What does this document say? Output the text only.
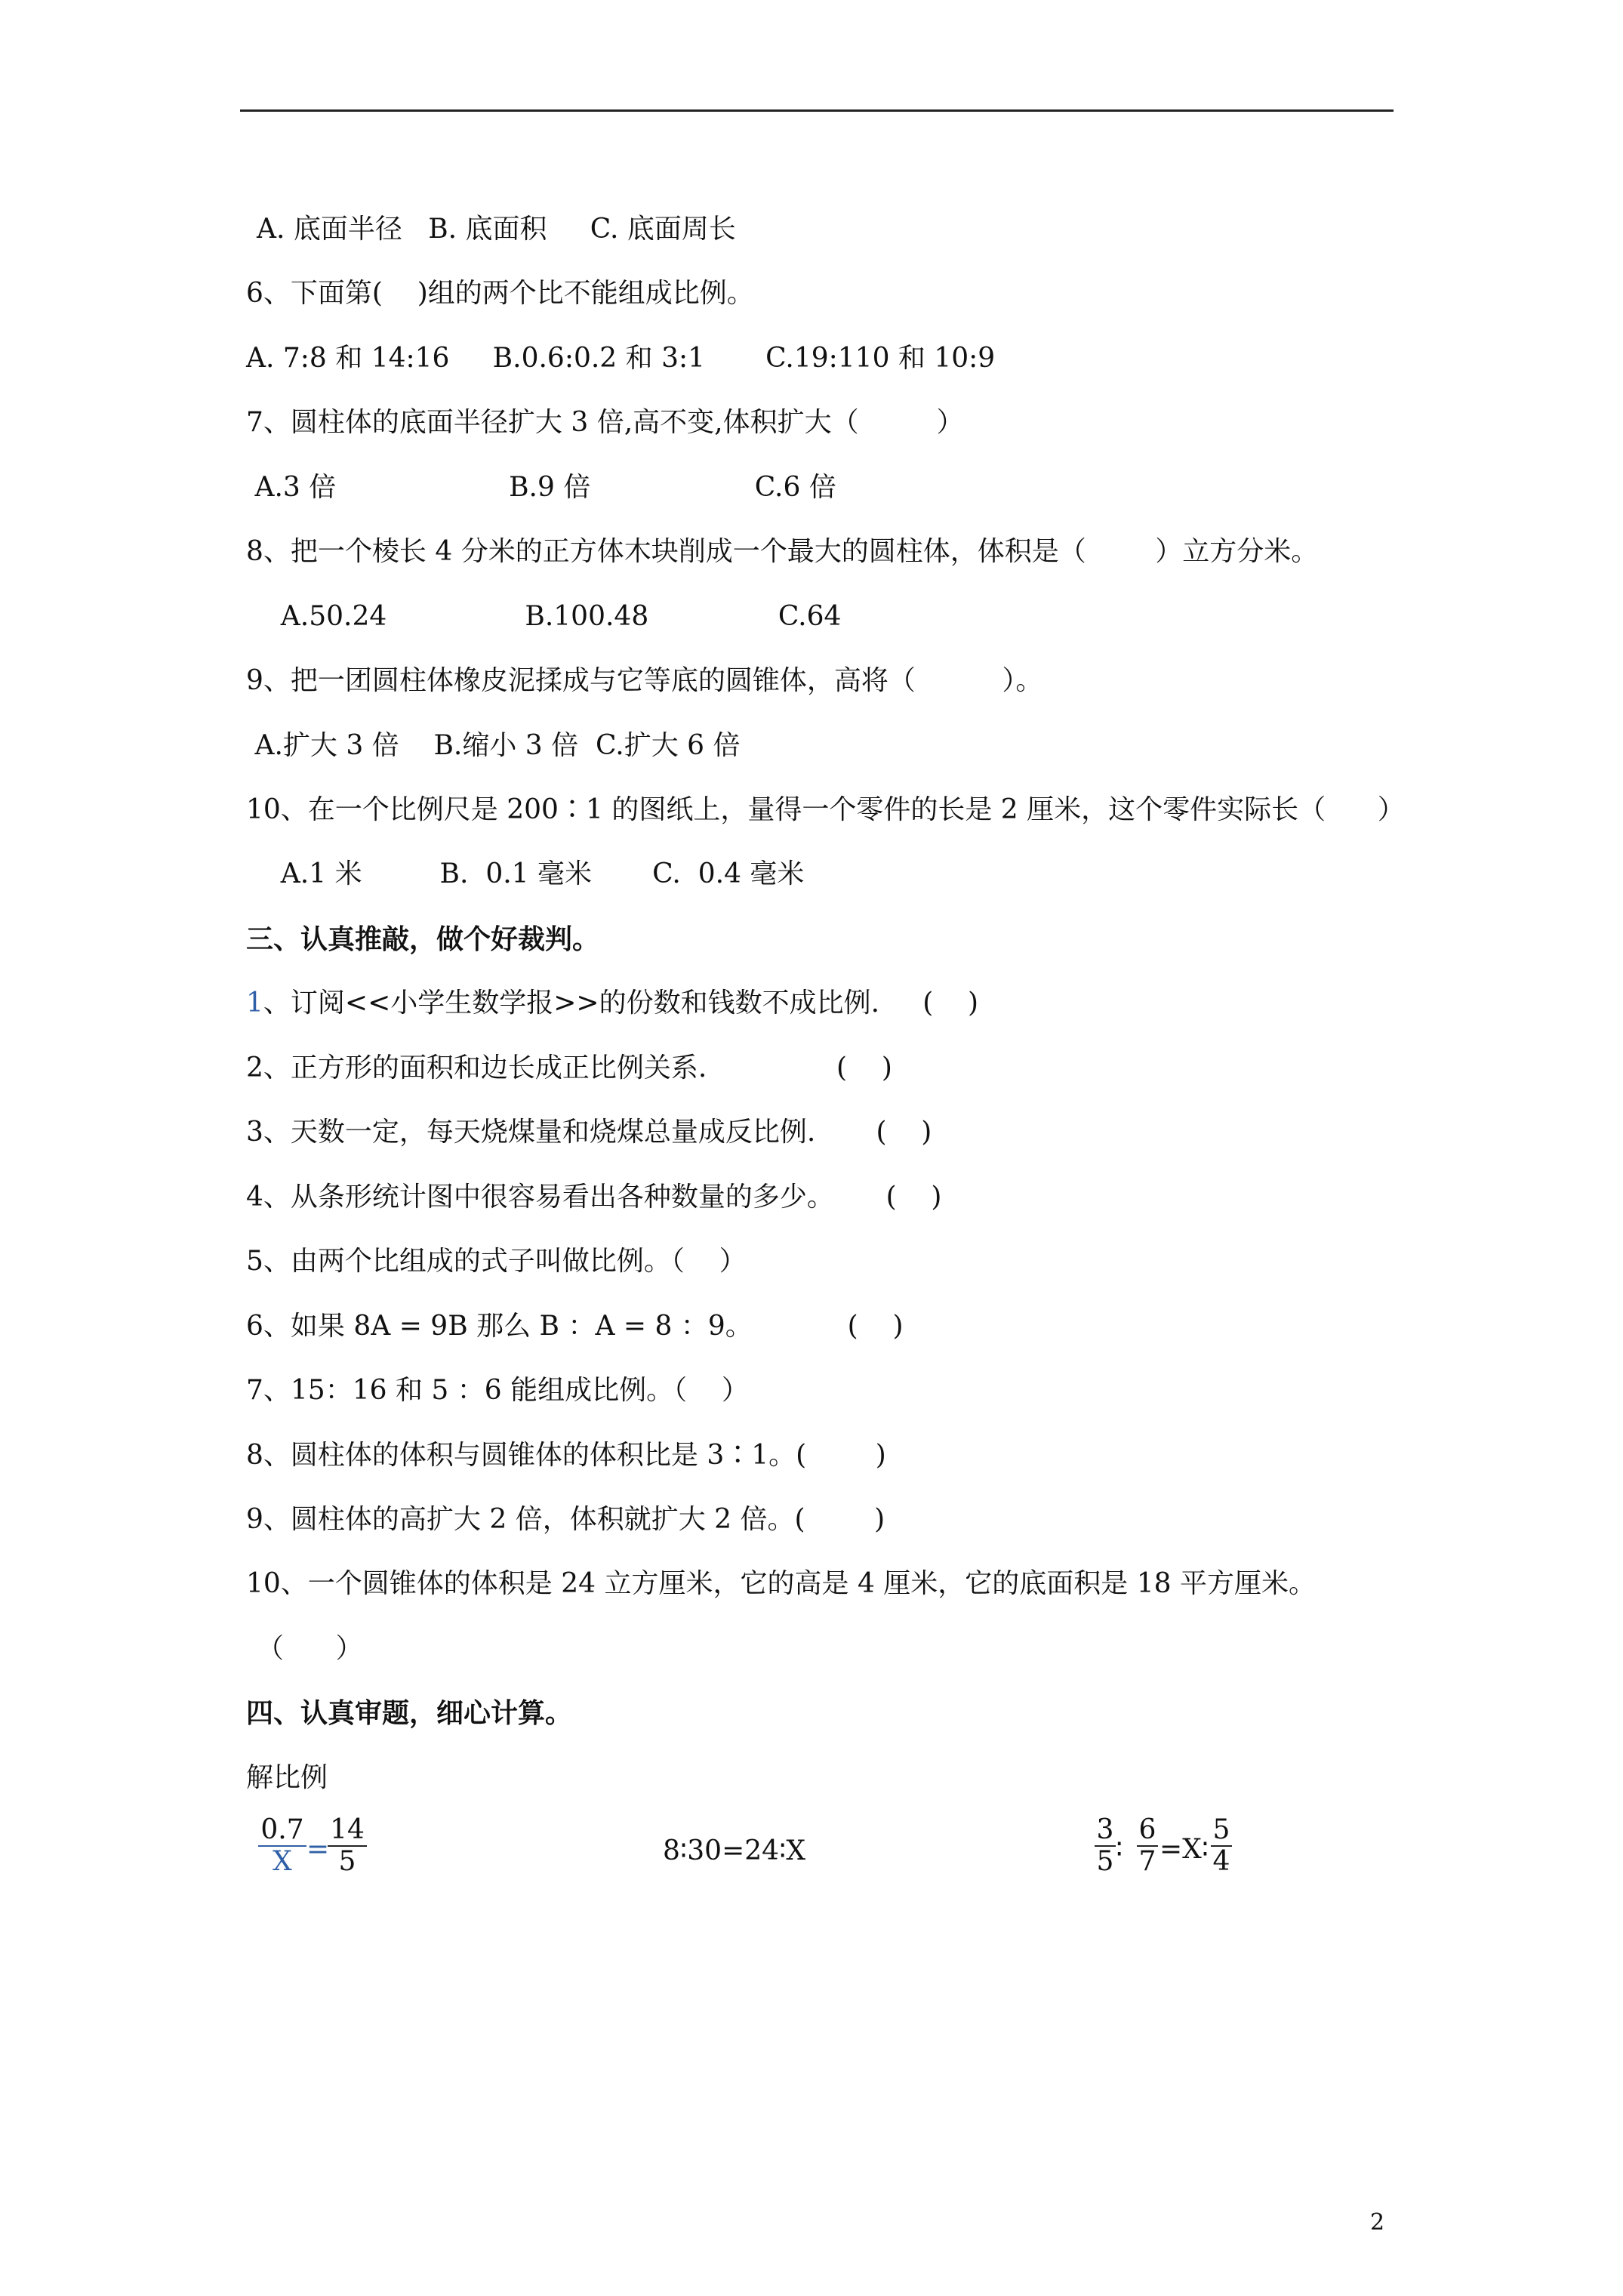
A. 底面半径   B. 底面积     C. 底面周长
6、下面第(    )组的两个比不能组成比例。
A. 7:8 和 14:16     B.0.6:0.2 和 3:1       C.19:110 和 10:9
7、圆柱体的底面半径扩大 3 倍,高不变,体积扩大（         ）
A.3 倍                    B.9 倍                   C.6 倍
8、把一个棱长 4 分米的正方体木块削成一个最大的圆柱体，体积是（        ）立方分米。
A.50.24                B.100.48               C.64
9、把一团圆柱体橡皮泥揉成与它等底的圆锥体，高将（          ）。
A.扩大 3 倍    B.缩小 3 倍  C.扩大 6 倍
10、在一个比例尺是 200∶1 的图纸上，量得一个零件的长是 2 厘米，这个零件实际长（      ）
A.1 米         B.  0.1 毫米       C.  0.4 毫米
三、认真推敲，做个好裁判。
1、订阅<<小学生数学报>>的份数和钱数不成比例.     (    )
2、正方形的面积和边长成正比例关系.               (    )
3、天数一定，每天烧煤量和烧煤总量成反比例.       (    )
4、从条形统计图中很容易看出各种数量的多少。      (    )
5、由两个比组成的式子叫做比例。（    ）
6、如果 8A = 9B 那么 B ：A = 8 ：9。           (    )
7、15：16 和 5 ：6 能组成比例。（    ）
8、圆柱体的体积与圆锥体的体积比是 3∶1。(        )
9、圆柱体的高扩大 2 倍，体积就扩大 2 倍。(        )
10、一个圆锥体的体积是 24 立方厘米，它的高是 4 厘米，它的底面积是 18 平方厘米。
（      ）
四、认真审题，细心计算。
解比例
$\frac{0.7}{X}$ =
$\frac{14}{5}$	8∶30=24∶X	$\frac{3}{5}$ ∶ $\frac{6}{7}$ =X∶ $\frac{5}{4}$
2
